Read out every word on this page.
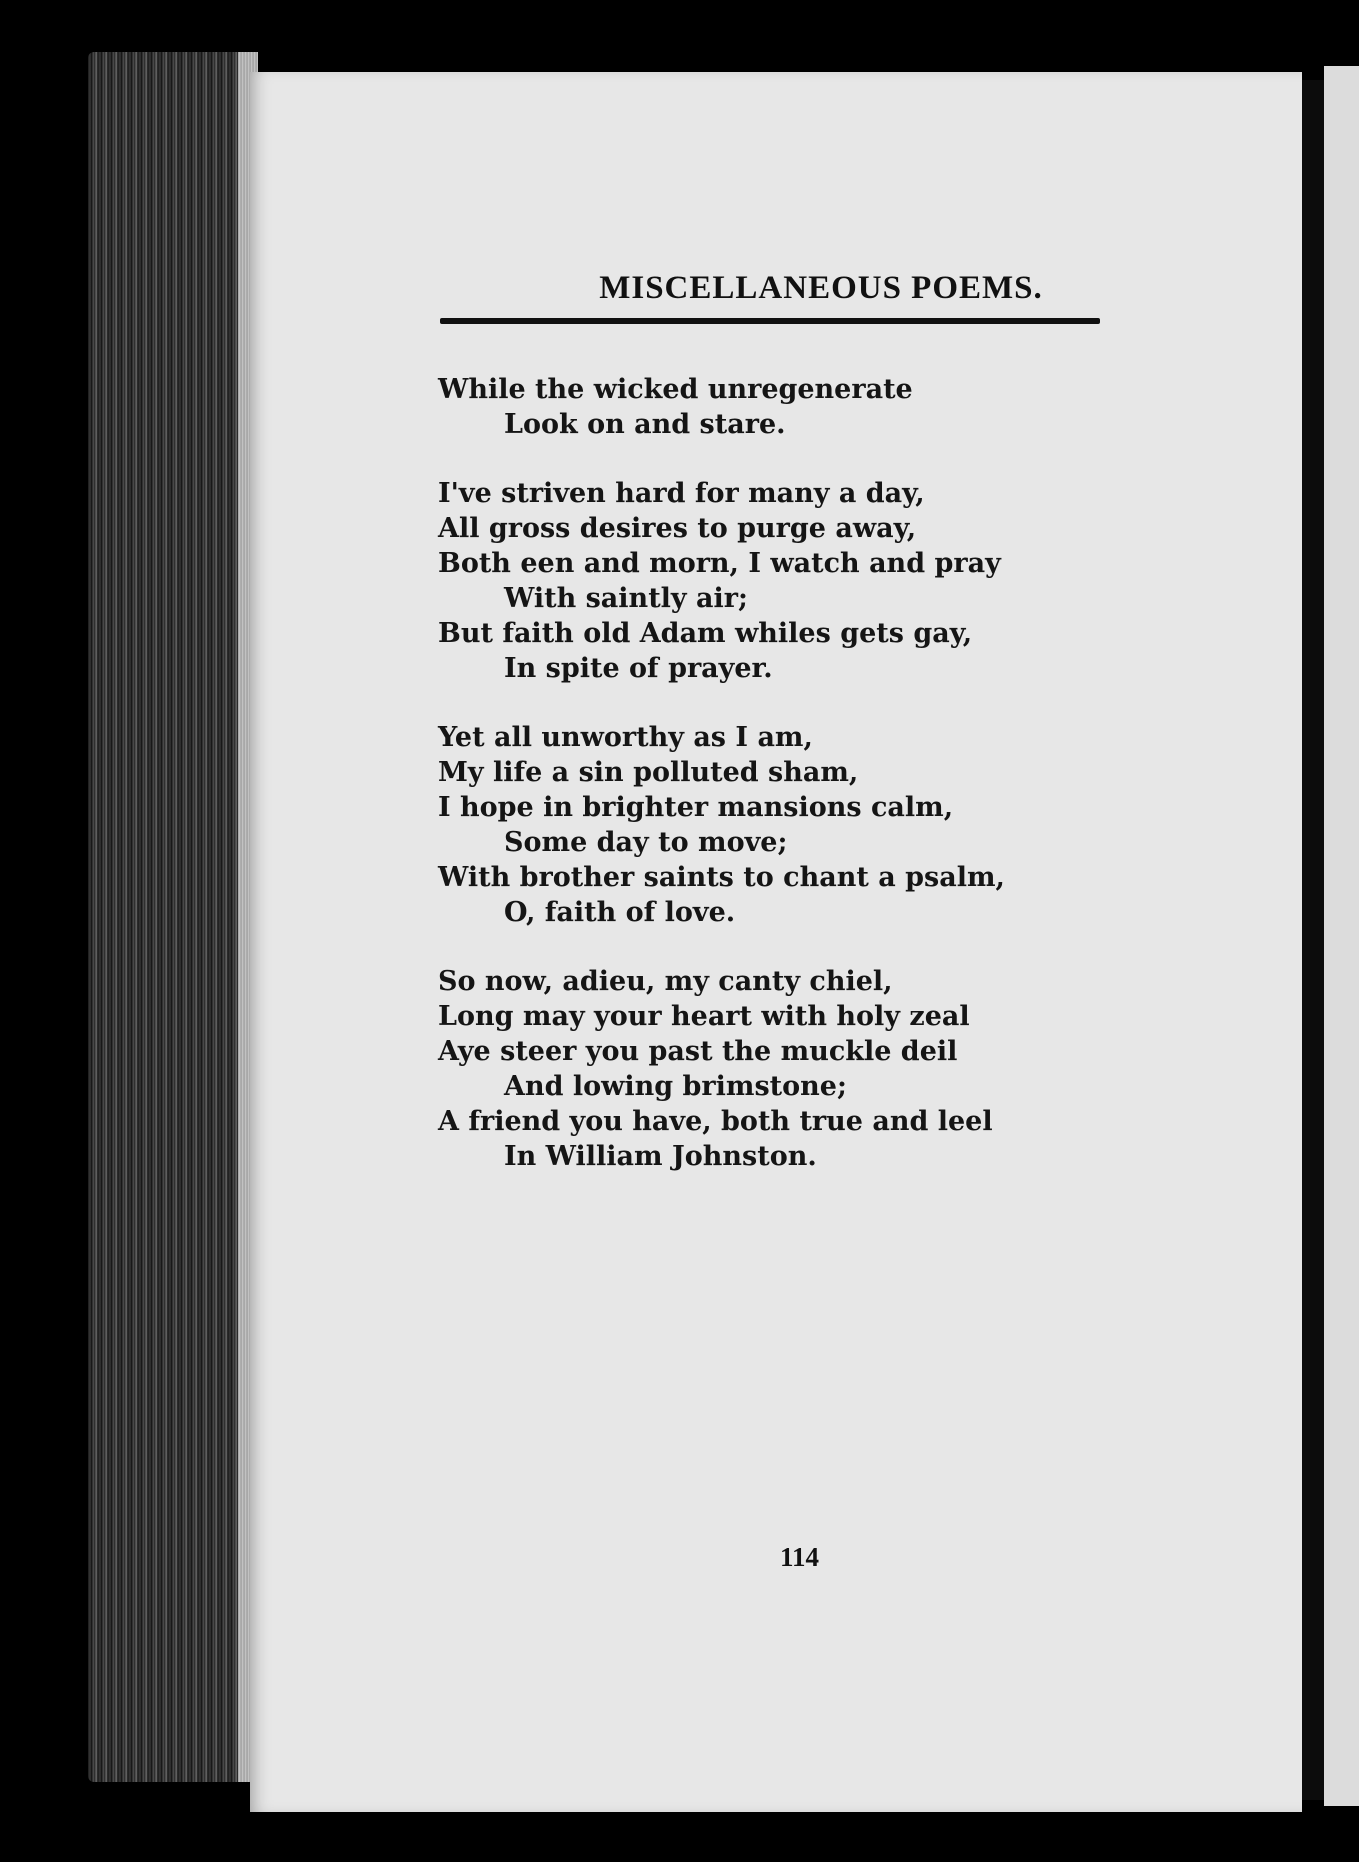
MISCELLANEOUS POEMS.
While the wicked unregenerate
Look on and stare.
I've striven hard for many a day,
All gross desires to purge away,
Both een and morn, I watch and pray
With saintly air;
But faith old Adam whiles gets gay,
In spite of prayer.
Yet all unworthy as I am,
My life a sin polluted sham,
I hope in brighter mansions calm,
Some day to move;
With brother saints to chant a psalm,
O, faith of love.
So now, adieu, my canty chiel,
Long may your heart with holy zeal
Aye steer you past the muckle deil
And lowing brimstone;
A friend you have, both true and leel
In William Johnston.
114
